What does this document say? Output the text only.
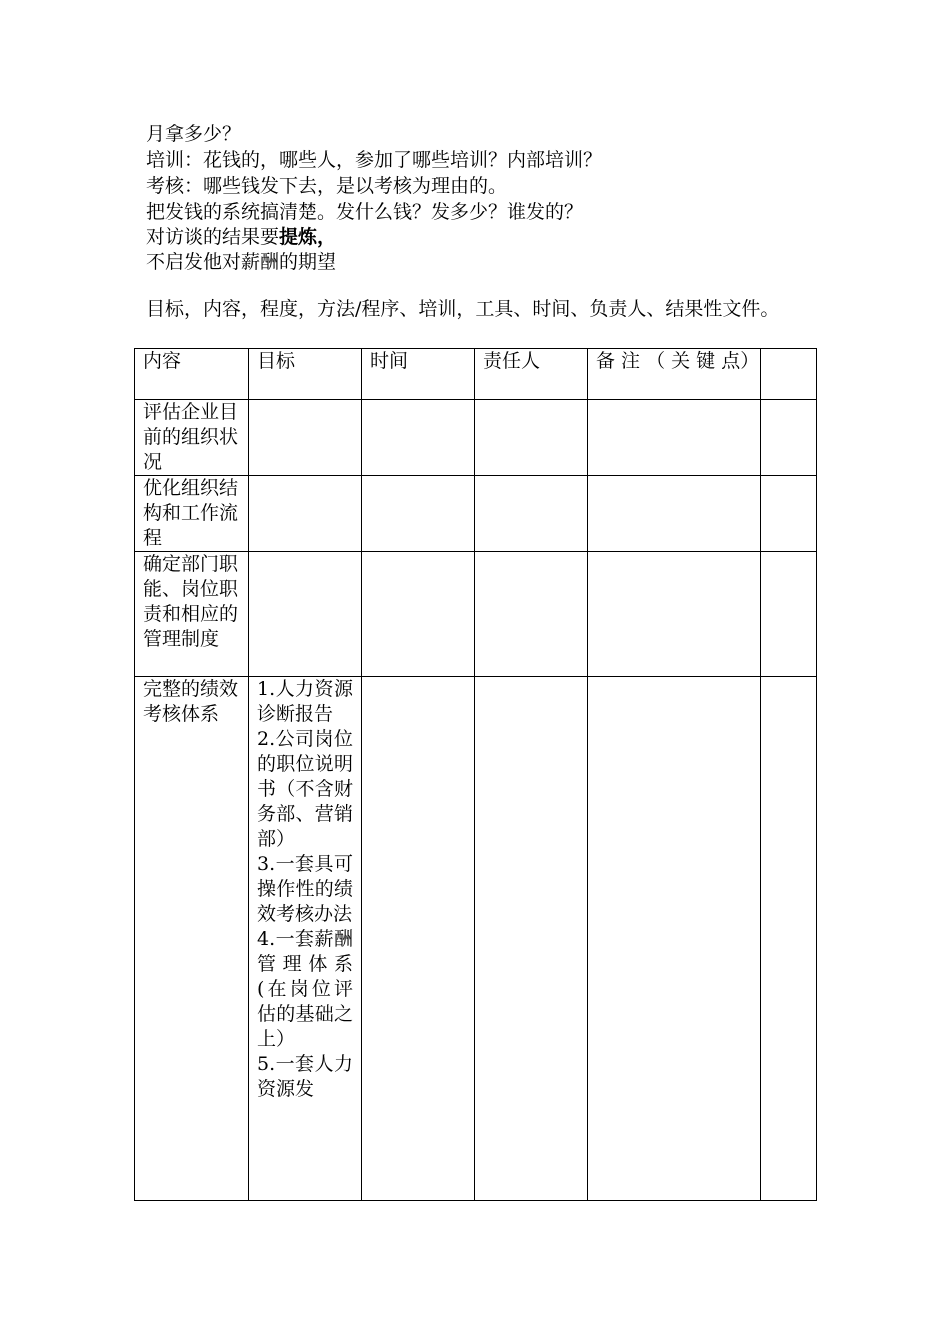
月拿多少？
培训：花钱的，哪些人，参加了哪些培训？内部培训？
考核：哪些钱发下去，是以考核为理由的。
把发钱的系统搞清楚。发什么钱？发多少？谁发的？
对访谈的结果要提炼，
不启发他对薪酬的期望
目标，内容，程度，方法/程序、培训，工具、时间、负责人、结果性文件。
内容	目标	时间	责任人	备 注 （ 关 键 点）	
评估企业目前的组织状况					
优化组织结构和工作流程					
确定部门职能、岗位职责和相应的管理制度					
完整的绩效考核体系	1.人力资源诊断报告
2.公司岗位的职位说明书（不含财务部、营销部）
3.一套具可操作性的绩效考核办法
4.一套薪酬管理体系(在岗位评估的基础之上）
5.一套人力资源发				
